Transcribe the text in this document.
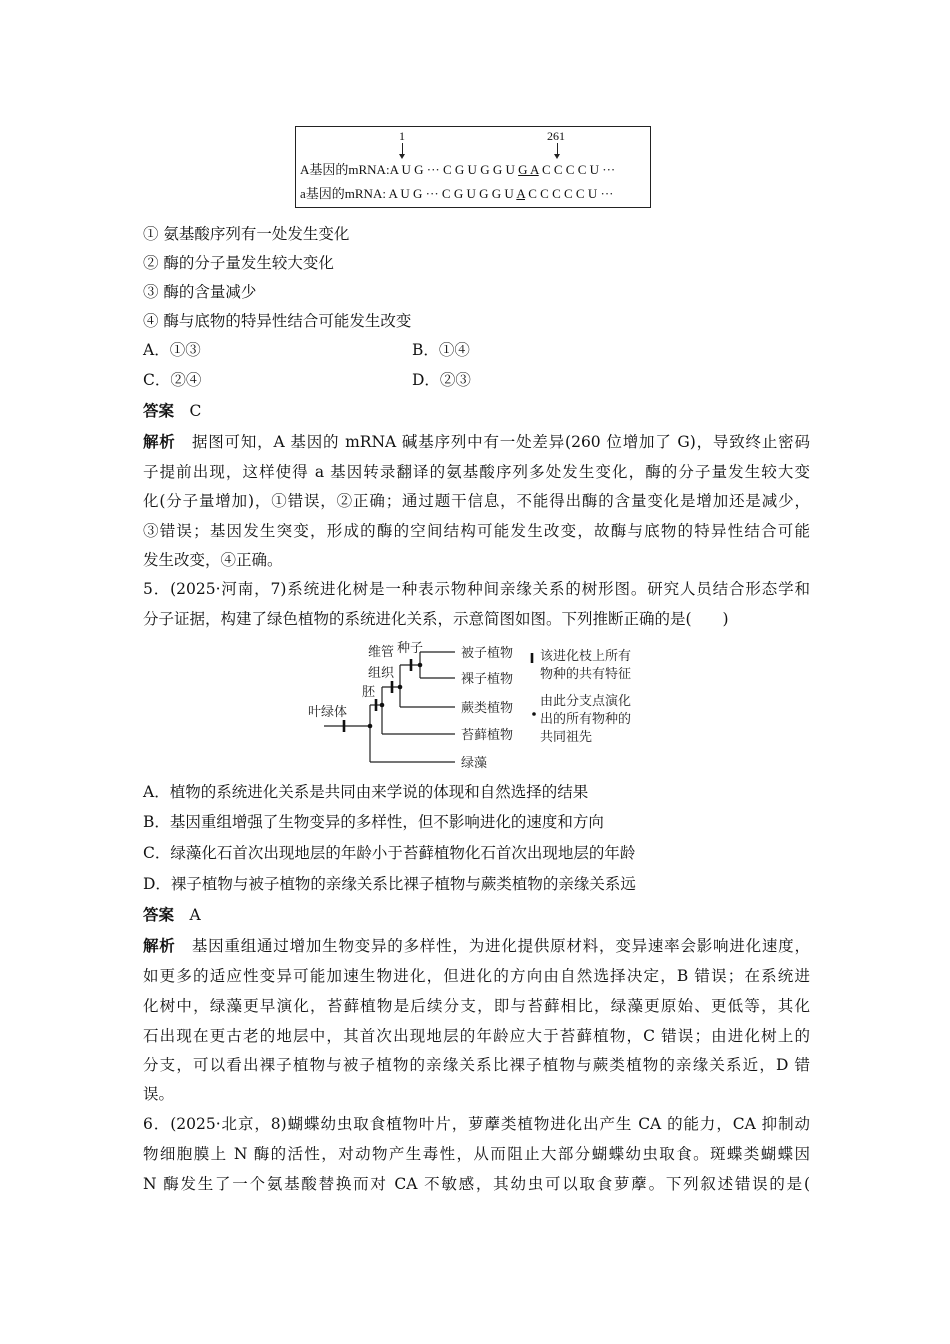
1	261
A基因的mRNA:A U G ··· C G U G G U G A C C C C U ···
a基因的mRNA: A U G ··· C G U G G U A C C C C C U ···
① 氨基酸序列有一处发生变化
② 酶的分子量发生较大变化
③ 酶的含量减少
④ 酶与底物的特异性结合可能发生改变
A．①③	B．①④
C．②④	D．②③
答案　 C
解析　 据图可知，A 基因的 mRNA 碱基序列中有一处差异(260 位增加了 G)，导致终止密码
子提前出现，这样使得 a 基因转录翻译的氨基酸序列多处发生变化，酶的分子量发生较大变
化(分子量增加)，①错误，②正确；通过题干信息，不能得出酶的含量变化是增加还是减少，
③错误；基因发生突变，形成的酶的空间结构可能发生改变，故酶与底物的特异性结合可能
发生改变，④正确。
5．(2025·河南，7)系统进化树是一种表示物种间亲缘关系的树形图。研究人员结合形态学和
分子证据，构建了绿色植物的系统进化关系，示意简图如图。下列推断正确的是(　　)
叶绿体
胚
维管
组织
种子	被子植物
裸子植物
蕨类植物
苔藓植物
绿藻
该进化枝上所有
物种的共有特征
由此分支点演化
出的所有物种的
共同祖先
A．植物的系统进化关系是共同由来学说的体现和自然选择的结果
B．基因重组增强了生物变异的多样性，但不影响进化的速度和方向
C．绿藻化石首次出现地层的年龄小于苔藓植物化石首次出现地层的年龄
D．裸子植物与被子植物的亲缘关系比裸子植物与蕨类植物的亲缘关系远
答案　 A
解析　 基因重组通过增加生物变异的多样性，为进化提供原材料，变异速率会影响进化速度，
如更多的适应性变异可能加速生物进化，但进化的方向由自然选择决定，B 错误；在系统进
化树中，绿藻更早演化，苔藓植物是后续分支，即与苔藓相比，绿藻更原始、更低等，其化
石出现在更古老的地层中，其首次出现地层的年龄应大于苔藓植物，C 错误；由进化树上的
分支，可以看出裸子植物与被子植物的亲缘关系比裸子植物与蕨类植物的亲缘关系近，D 错
误。
6．(2025·北京，8)蝴蝶幼虫取食植物叶片，萝藦类植物进化出产生 CA 的能力，CA 抑制动
物细胞膜上 N 酶的活性，对动物产生毒性，从而阻止大部分蝴蝶幼虫取食。斑蝶类蝴蝶因
N 酶发生了一个氨基酸替换而对 CA 不敏感，其幼虫可以取食萝藦。下列叙述错误的是(
